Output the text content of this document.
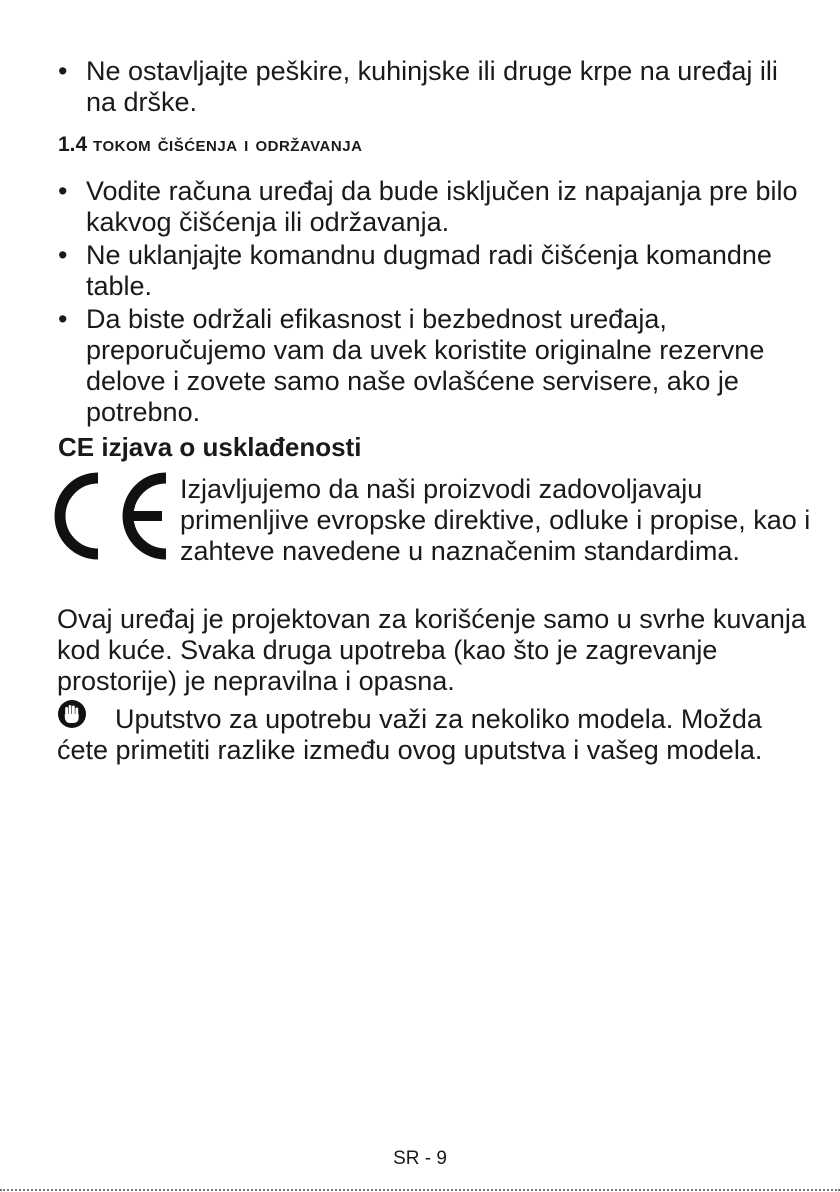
• Ne ostavljajte peškire, kuhinjske ili druge krpe na uređaj ili na drške.
1.4 tokom čišćenja i održavanja
• Vodite računa uređaj da bude isključen iz napajanja pre bilo kakvog čišćenja ili održavanja.
• Ne uklanjajte komandnu dugmad radi čišćenja komandne table.
• Da biste održali efikasnost i bezbednost uređaja, preporučujemo vam da uvek koristite originalne rezervne delove i zovete samo naše ovlašćene servisere, ako je potrebno.
CE izjava o usklađenosti

Izjavljujemo da naši proizvodi zadovoljavaju primenljive evropske direktive, odluke i propise, kao i zahteve navedene u naznačenim standardima.

Ovaj uređaj je projektovan za korišćenje samo u svrhe kuvanja kod kuće. Svaka druga upotreba (kao što je zagrevanje prostorije) je nepravilna i opasna.

Uputstvo za upotrebu važi za nekoliko modela. Možda ćete primetiti razlike između ovog uputstva i vašeg modela.

SR - 9
